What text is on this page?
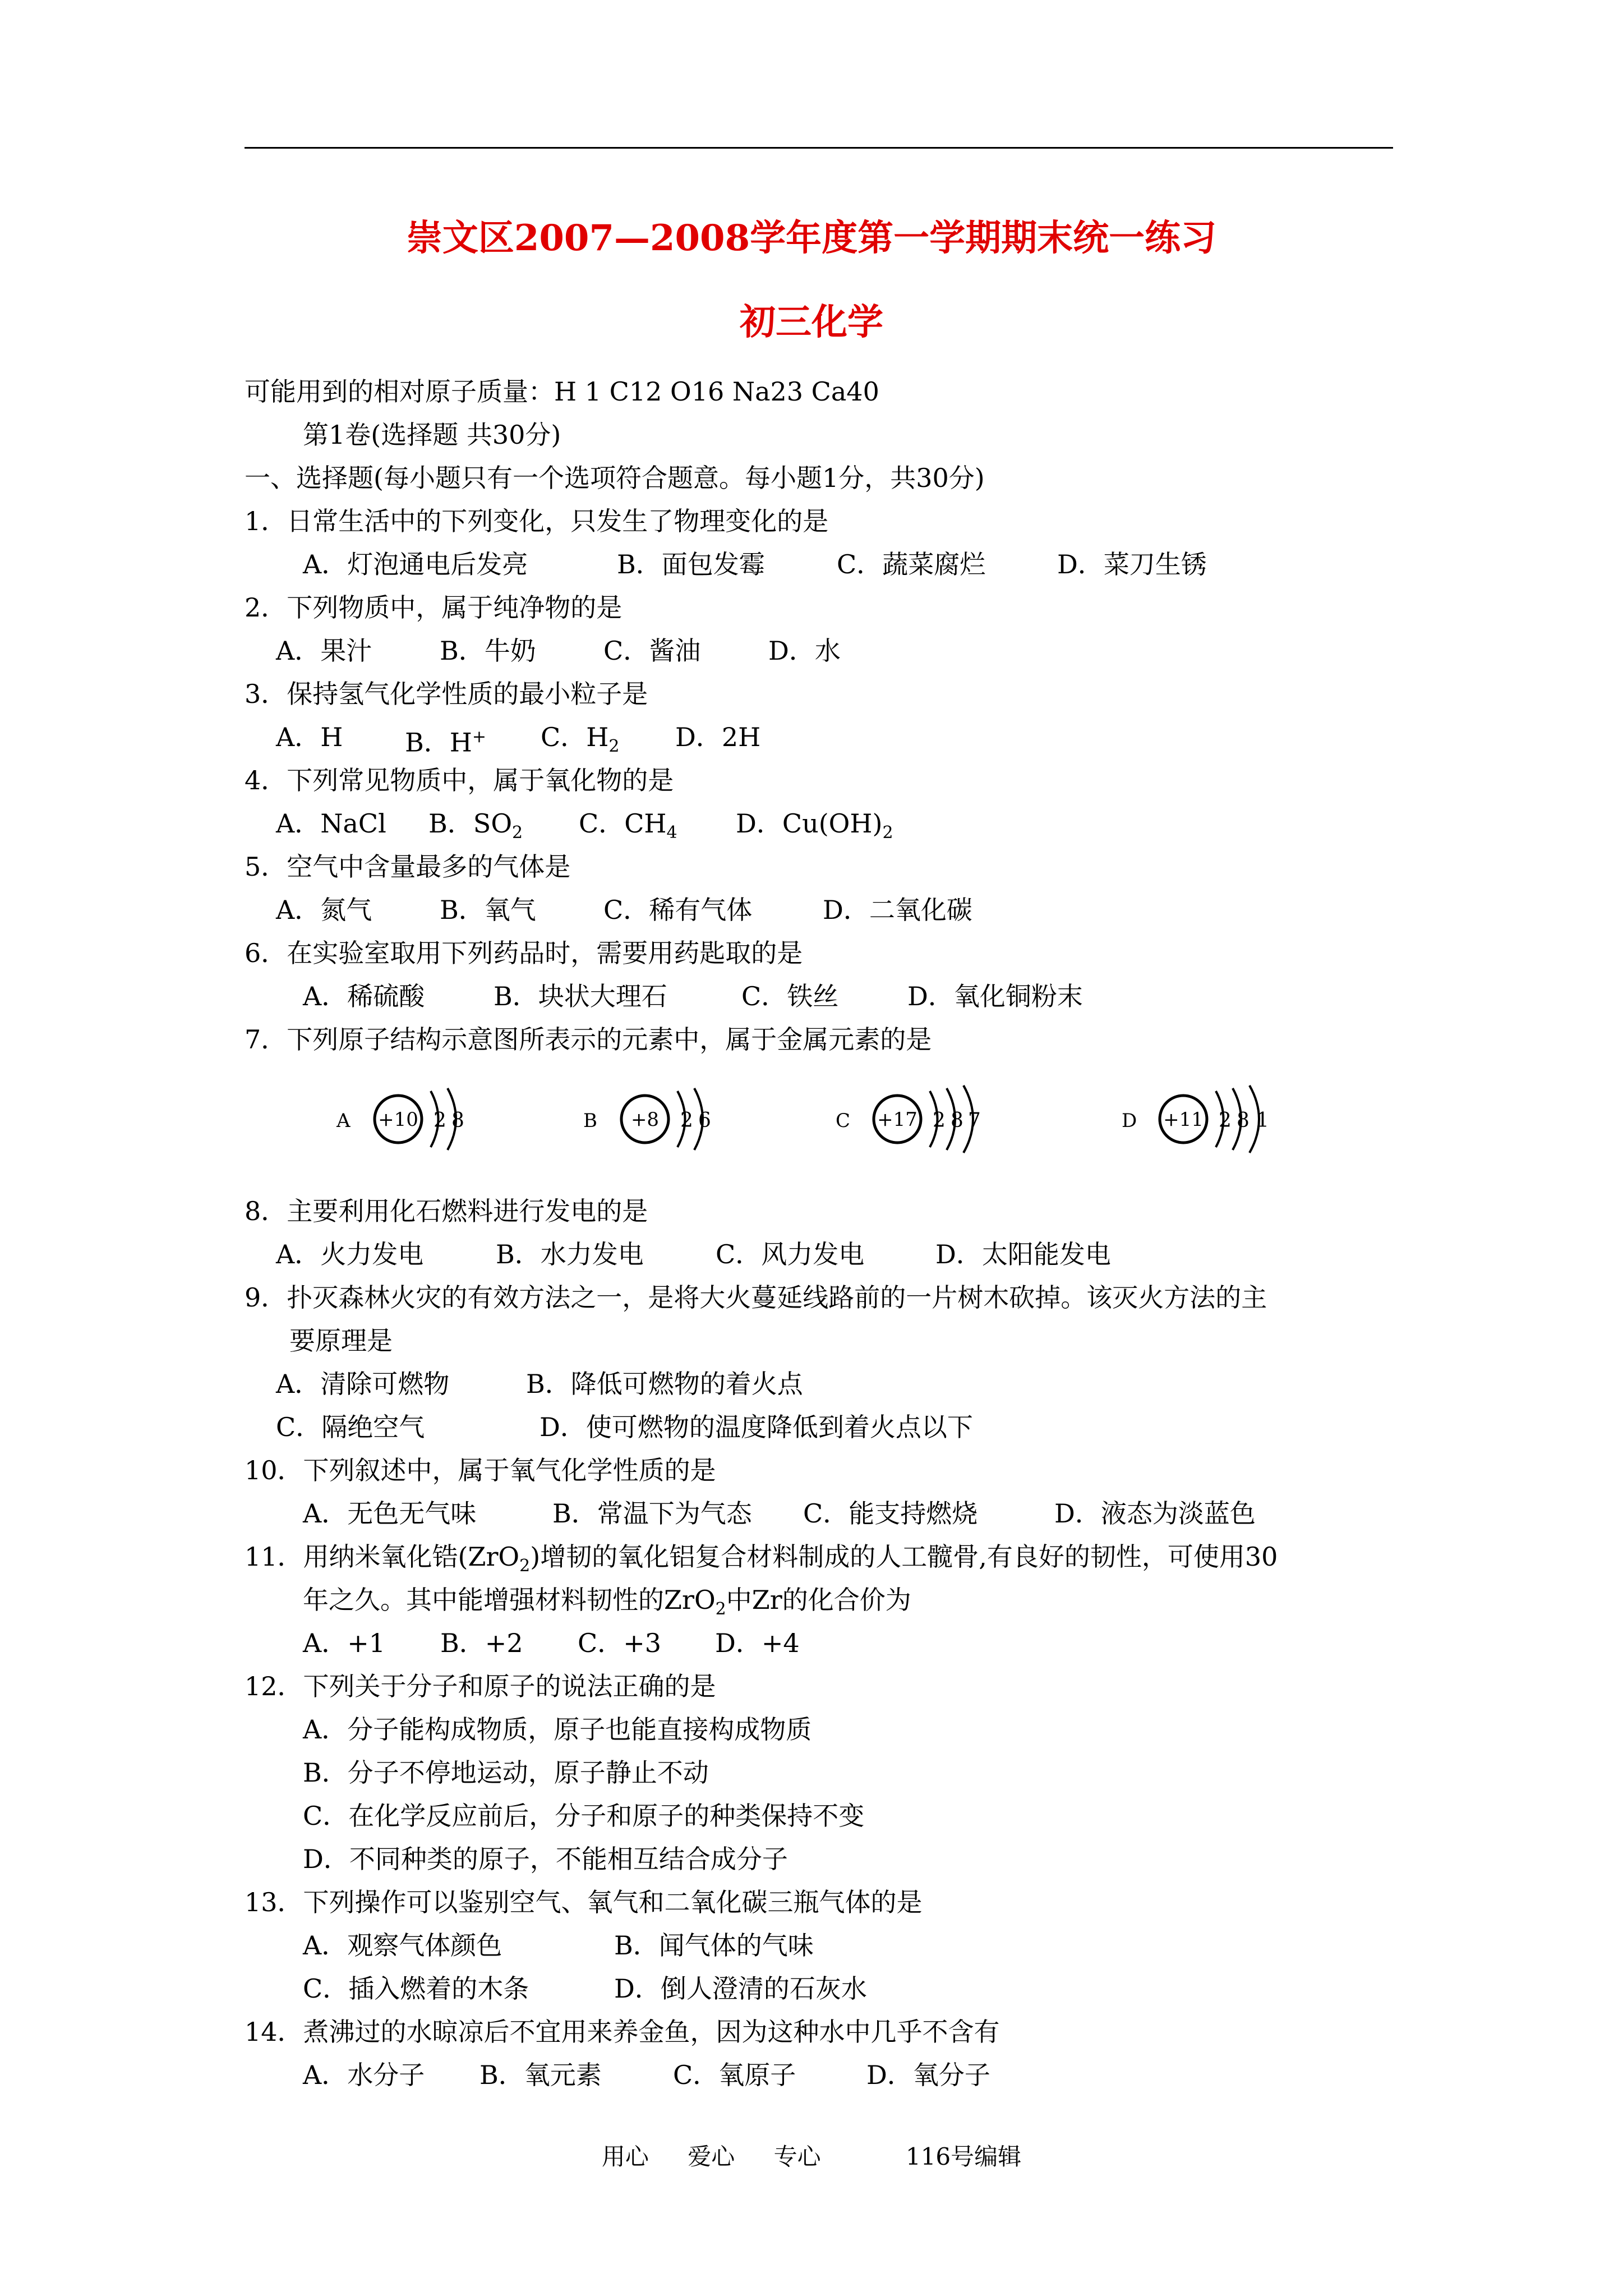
崇文区2007—2008学年度第一学期期末统一练习
初三化学
可能用到的相对原子质量：H 1 C12 O16 Na23 Ca40
第1卷(选择题 共30分)
一、选择题(每小题只有一个选项符合题意。每小题1分，共30分)
1．日常生活中的下列变化，只发生了物理变化的是
A．灯泡通电后发亮	B．面包发霉	C．蔬菜腐烂	D．菜刀生锈
2．下列物质中，属于纯净物的是
A．果汁	B．牛奶	C．酱油	D．水
3．保持氢气化学性质的最小粒子是
A．H B．H+ C．$H_2$ D．2H
4．下列常见物质中，属于氧化物的是
A．NaCl B．$SO_2$ C．$CH_4$ D．$Cu(OH)_2$
5．空气中含量最多的气体是
A．氮气	B．氧气	C．稀有气体	D．二氧化碳
6．在实验室取用下列药品时，需要用药匙取的是
A．稀硫酸	B．块状大理石	C．铁丝	D．氧化铜粉末
7．下列原子结构示意图所表示的元素中，属于金属元素的是
A +10 2 8	B +8 2 6	C +17 2 8 7	D +11 2 8 1
8．主要利用化石燃料进行发电的是
A．火力发电	B．水力发电	C．风力发电	D．太阳能发电
9．扑灭森林火灾的有效方法之一，是将大火蔓延线路前的一片树木砍掉。该灭火方法的主
要原理是
A．清除可燃物	B．降低可燃物的着火点
C．隔绝空气	D．使可燃物的温度降低到着火点以下
10．下列叙述中，属于氧气化学性质的是
A．无色无气味	B．常温下为气态 C．能支持燃烧	D．液态为淡蓝色
11．用纳米氧化锆(ZrO$_2$)增韧的氧化铝复合材料制成的人工髋骨,有良好的韧性，可使用30
年之久。其中能增强材料韧性的ZrO$_2$中Zr的化合价为
A．+1 B．+2 C．+3 D．+4
12．下列关于分子和原子的说法正确的是
A．分子能构成物质，原子也能直接构成物质
B．分子不停地运动，原子静止不动
C．在化学反应前后，分子和原子的种类保持不变
D．不同种类的原子，不能相互结合成分子
13．下列操作可以鉴别空气、氧气和二氧化碳三瓶气体的是
A．观察气体颜色	B．闻气体的气味
C．插入燃着的木条	D．倒人澄清的石灰水
14．煮沸过的水晾凉后不宜用来养金鱼，因为这种水中几乎不含有
A．水分子 B．氧元素	C．氧原子	D．氧分子
用心 爱心 专心	116号编辑
